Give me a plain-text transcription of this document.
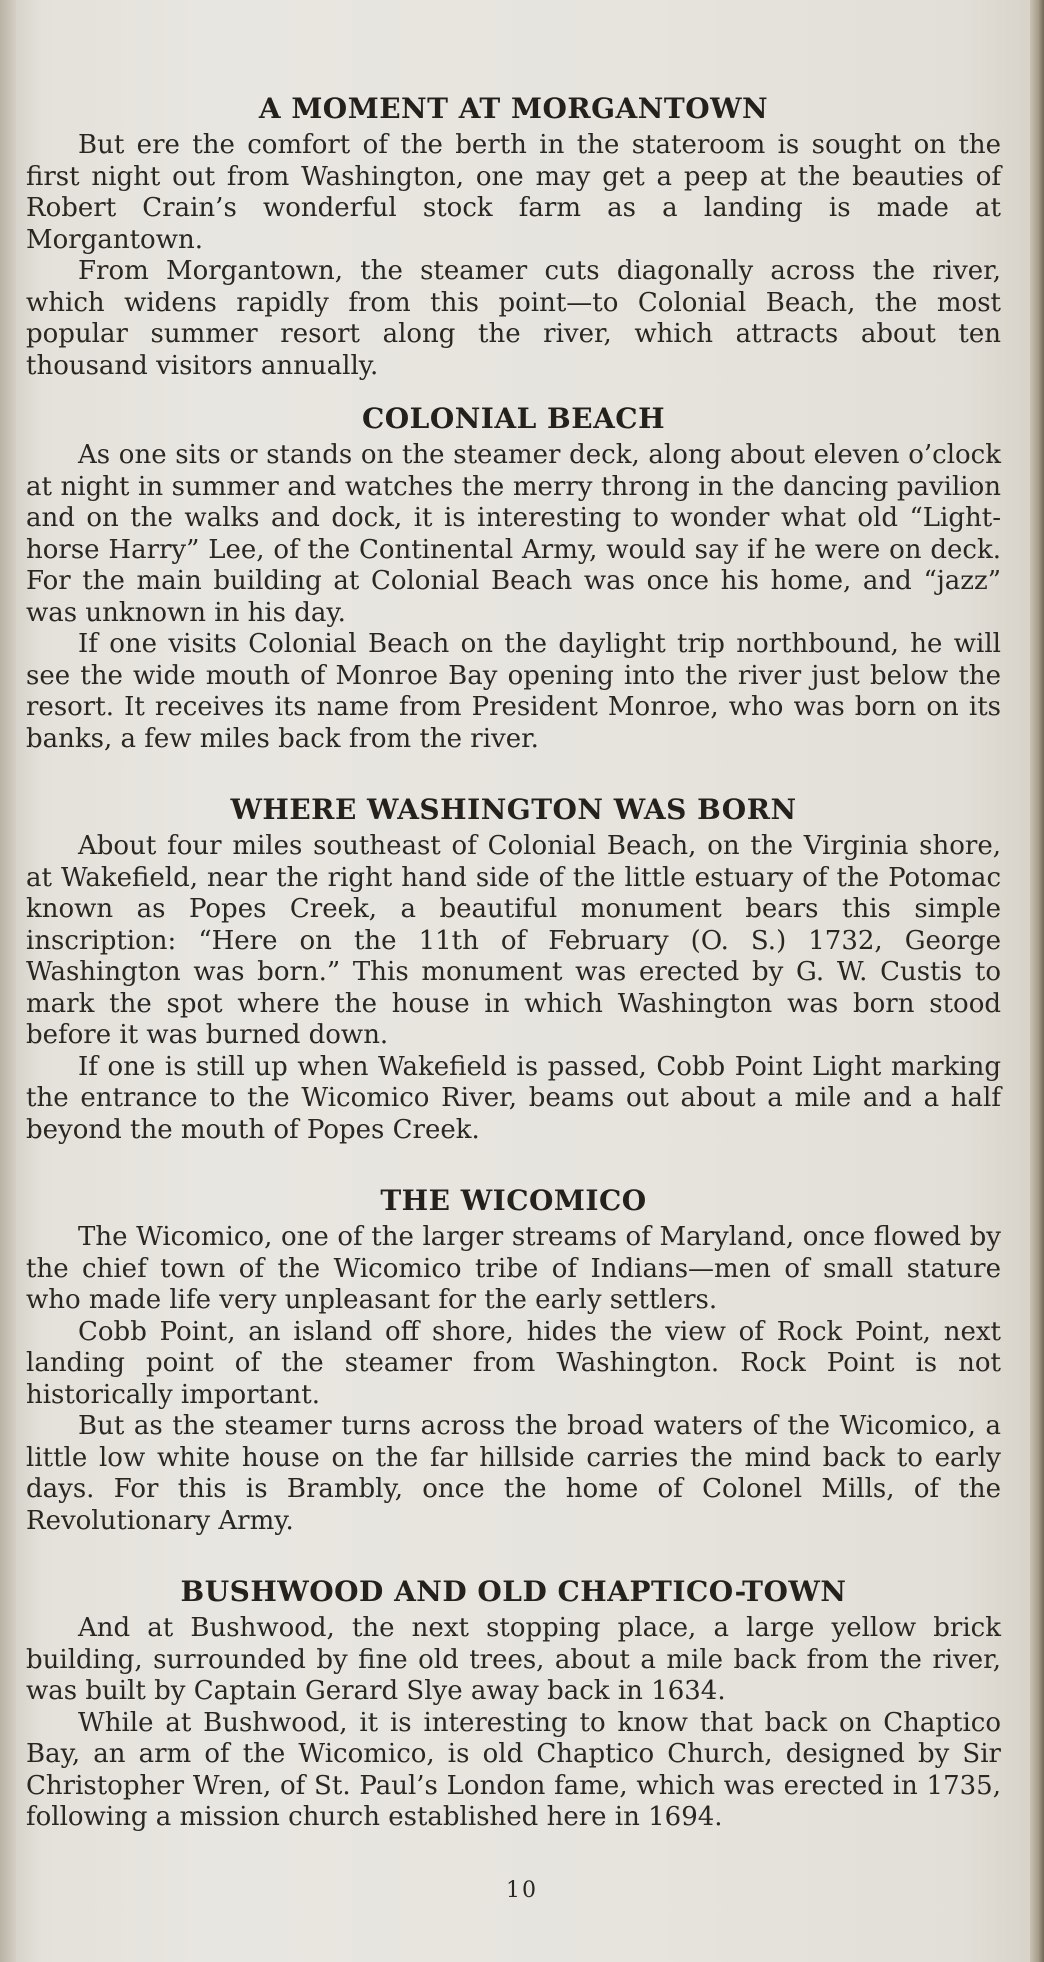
A MOMENT AT MORGANTOWN

But ere the comfort of the berth in the stateroom is sought on the first night out from Washington, one may get a peep at the beauties of Robert Crain’s wonderful stock farm as a landing is made at Morgantown.

From Morgantown, the steamer cuts diagonally across the river, which widens rapidly from this point—to Colonial Beach, the most popular summer resort along the river, which attracts about ten thousand visitors annually.

COLONIAL BEACH

As one sits or stands on the steamer deck, along about eleven o’clock at night in summer and watches the merry throng in the dancing pavilion and on the walks and dock, it is interesting to wonder what old “Light-horse Harry” Lee, of the Continental Army, would say if he were on deck. For the main building at Colonial Beach was once his home, and “jazz” was unknown in his day.

If one visits Colonial Beach on the daylight trip northbound, he will see the wide mouth of Monroe Bay opening into the river just below the resort. It receives its name from President Monroe, who was born on its banks, a few miles back from the river.

WHERE WASHINGTON WAS BORN

About four miles southeast of Colonial Beach, on the Virginia shore, at Wakefield, near the right hand side of the little estuary of the Potomac known as Popes Creek, a beautiful monument bears this simple inscription: “Here on the 11th of February (O. S.) 1732, George Washington was born.” This monument was erected by G. W. Custis to mark the spot where the house in which Washington was born stood before it was burned down.

If one is still up when Wakefield is passed, Cobb Point Light marking the entrance to the Wicomico River, beams out about a mile and a half beyond the mouth of Popes Creek.

THE WICOMICO

The Wicomico, one of the larger streams of Maryland, once flowed by the chief town of the Wicomico tribe of Indians—men of small stature who made life very unpleasant for the early settlers.

Cobb Point, an island off shore, hides the view of Rock Point, next landing point of the steamer from Washington. Rock Point is not historically important.

But as the steamer turns across the broad waters of the Wicomico, a little low white house on the far hillside carries the mind back to early days. For this is Brambly, once the home of Colonel Mills, of the Revolutionary Army.

BUSHWOOD AND OLD CHAPTICO-TOWN

And at Bushwood, the next stopping place, a large yellow brick building, surrounded by fine old trees, about a mile back from the river, was built by Captain Gerard Slye away back in 1634.

While at Bushwood, it is interesting to know that back on Chaptico Bay, an arm of the Wicomico, is old Chaptico Church, designed by Sir Christopher Wren, of St. Paul’s London fame, which was erected in 1735, following a mission church established here in 1694.

10
